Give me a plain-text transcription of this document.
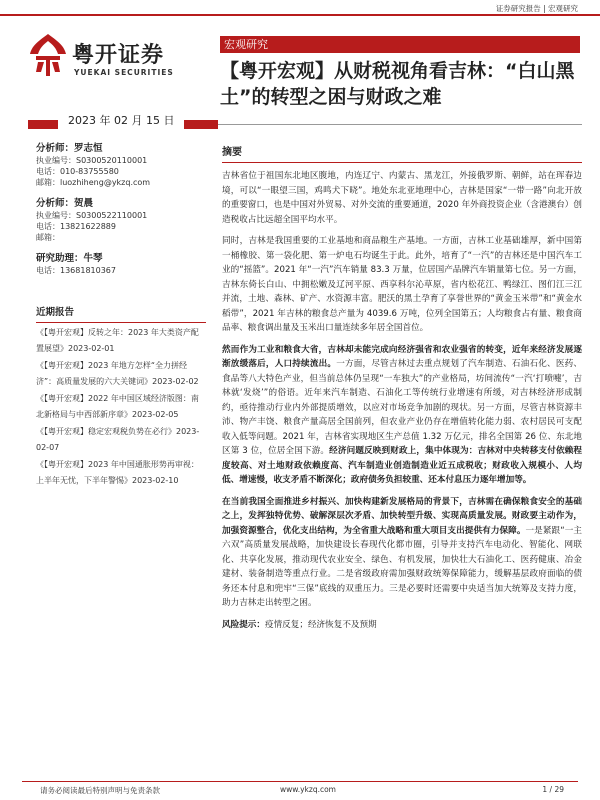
证券研究报告 | 宏观研究
粤开证券
YUEKAI SECURITIES
宏观研究
【粤开宏观】从财税视角看吉林：“白山黑土”的转型之困与财政之难
2023 年 02 月 15 日
分析师：罗志恒
执业编号：S0300520110001
电话：010-83755580
邮箱：luozhiheng@ykzq.com
分析师：贺晨
执业编号：S0300522110001
电话：13821622889
邮箱：
研究助理：牛琴
电话：13681810367
近期报告
《【粤开宏观】反转之年：2023 年大类资产配置展望》2023-02-01
《【粤开宏观】2023 年地方怎样“全力拼经济”：高质量发展的六大关键词》2023-02-02
《【粤开宏观】2022 年中国区域经济版图：南北新格局与中西部新序章》2023-02-05
《【粤开宏观】稳定宏观税负势在必行》2023-02-07
《【粤开宏观】2023 年中国通胀形势再审视：上半年无忧，下半年警惕》2023-02-10
摘要

吉林省位于祖国东北地区腹地，内连辽宁、内蒙古、黑龙江，外接俄罗斯、朝鲜，站在珲春边境，可以“一眼望三国，鸡鸣犬下晓”。地处东北亚地理中心，吉林是国家“一带一路”向北开放的重要窗口，也是中国对外贸易、对外交流的重要通道，2020 年外商投资企业（含港澳台）创造税收占比远超全国平均水平。

同时，吉林是我国重要的工业基地和商品粮生产基地。一方面，吉林工业基础雄厚，新中国第一桶橡胶、第一袋化肥、第一炉电石均诞生于此。此外，培育了“一汽”的吉林还是中国汽车工业的“摇篮”。2021 年“一汽”汽车销量 83.3 万量，位居国产品牌汽车销量第七位。另一方面，吉林东倚长白山、中拥松嫩及辽河平原、西享科尔沁草原，省内松花江、鸭绿江、图们江三江并流，土地、森林、矿产、水资源丰富。肥沃的黑土孕育了享誉世界的“黄金玉米带”和“黄金水稻带”，2021 年吉林的粮食总产量为 4039.6 万吨，位列全国第五；人均粮食占有量、粮食商品率、粮食调出量及玉米出口量连续多年居全国首位。

然而作为工业和粮食大省，吉林却未能完成向经济强省和农业强省的转变，近年来经济发展逐渐放缓落后，人口持续流出。一方面，尽管吉林过去重点规划了汽车制造、石油石化、医药、食品等八大特色产业，但当前总体仍呈现“一车独大”的产业格局，坊间流传“一汽‘打喷嚏’，吉林就‘发烧’”的俗语。近年来汽车制造、石油化工等传统行业增速有所缓，对吉林经济形成制约，亟待推动行业内外部提质增效，以应对市场竞争加剧的现状。另一方面，尽管吉林资源丰沛、物产丰饶、粮食产量高居全国前列，但农业产业仍存在增值转化能力弱、农村居民可支配收入低等问题。2021 年，吉林省实现地区生产总值 1.32 万亿元，排名全国第 26 位、东北地区第 3 位，位居全国下游。经济问题反映到财政上，集中体现为：吉林对中央转移支付依赖程度较高、对土地财政依赖度高、汽车制造业创造制造业近五成税收；财政收入规模小、人均低、增速慢，收支矛盾不断深化；政府债务负担较重、还本付息压力逐年增加等。

在当前我国全面推进乡村振兴、加快构建新发展格局的背景下，吉林需在确保粮食安全的基础之上，发挥独特优势、破解深层次矛盾、加快转型升级、实现高质量发展。财政要主动作为，加强资源整合，优化支出结构，为全省重大战略和重大项目支出提供有力保障。一是紧跟“一主六双”高质量发展战略，加快建设长春现代化都市圈，引导并支持汽车电动化、智能化、网联化、共享化发展，推动现代农业安全、绿色、有机发展，加快壮大石油化工、医药健康、冶金建材、装备制造等重点行业。二是省级政府需加强财政统筹保障能力，缓解基层政府面临的债务还本付息和兜牢“三保”底线的双重压力。三是必要时还需要中央适当加大统筹及支持力度，助力吉林走出转型之困。

风险提示：疫情反复；经济恢复不及预期
请务必阅读最后特别声明与免责条款	www.ykzq.com	1 / 29
